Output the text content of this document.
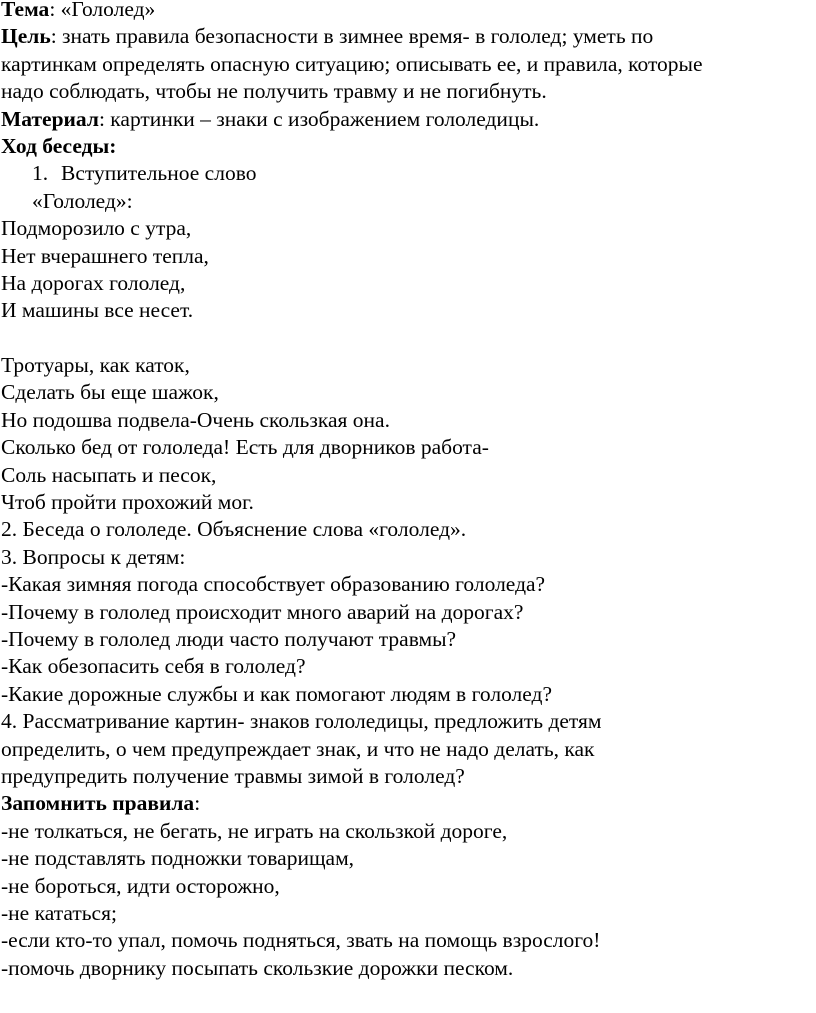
Тема: «Гололед»
Цель: знать правила безопасности в зимнее время- в гололед; уметь по
картинкам определять опасную ситуацию; описывать ее, и правила, которые
надо соблюдать, чтобы не получить травму и не погибнуть.
Материал: картинки – знаки с изображением гололедицы.
Ход беседы:
1. Вступительное слово
«Гололед»:
Подморозило с утра,
Нет вчерашнего тепла,
На дорогах гололед,
И машины все несет.
Тротуары, как каток,
Сделать бы еще шажок,
Но подошва подвела-Очень скользкая она.
Сколько бед от гололеда! Есть для дворников работа-
Соль насыпать и песок,
Чтоб пройти прохожий мог.
2. Беседа о гололеде. Объяснение слова «гололед».
3. Вопросы к детям:
-Какая зимняя погода способствует образованию гололеда?
-Почему в гололед происходит много аварий на дорогах?
-Почему в гололед люди часто получают травмы?
-Как обезопасить себя в гололед?
-Какие дорожные службы и как помогают людям в гололед?
4. Рассматривание картин- знаков гололедицы, предложить детям
определить, о чем предупреждает знак, и что не надо делать, как
предупредить получение травмы зимой в гололед?
Запомнить правила:
-не толкаться, не бегать, не играть на скользкой дороге,
-не подставлять подножки товарищам,
-не бороться, идти осторожно,
-не кататься;
-если кто-то упал, помочь подняться, звать на помощь взрослого!
-помочь дворнику посыпать скользкие дорожки песком.
